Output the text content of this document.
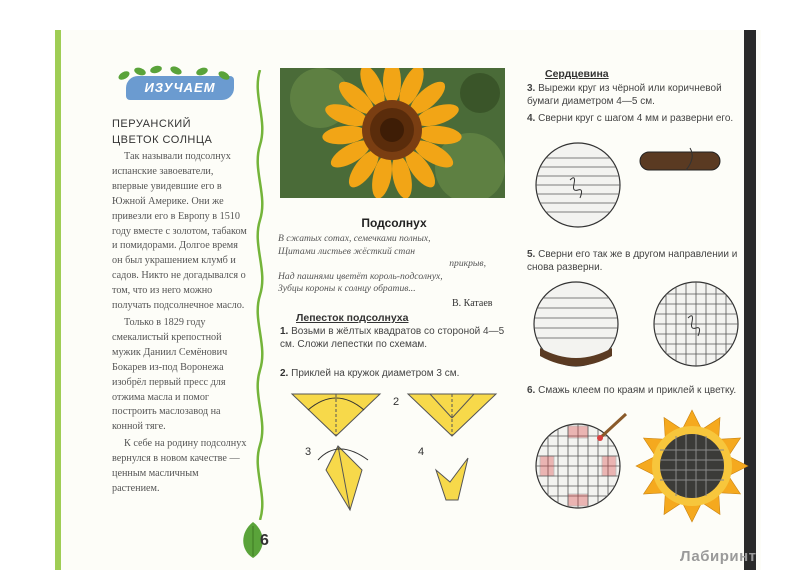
ИЗУЧАЕМ
ПЕРУАНСКИЙ
ЦВЕТОК СОЛНЦА

Так называли подсолнух испанские завоеватели, впервые увидевшие его в Южной Америке. Они же привезли его в Европу в 1510 году вместе с золотом, табаком и помидорами. Долгое время он был украшением клумб и садов. Никто не догадывался о том, что из него можно получать подсолнечное масло.

Только в 1829 году смекалистый крепостной мужик Даниил Семёнович Бокарев из-под Воронежа изобрёл первый пресс для отжима масла и помог построить маслозавод на конной тяге.

К себе на родину подсолнух вернулся в новом качестве — ценным масличным растением.

6
Подсолнух
В сжатых сотах, семечками полных,
Щитами листьев жёсткий стан
прикрыв,
Над пашнями цветёт король-подсолнух,
Зубцы короны к солнцу обратив...
В. Катаев
Лепесток подсолнуха
1. Возьми в жёлтых квадратов со стороной 4—5 см. Сложи лепестки по схемам.
2. Приклей на кружок диаметром 3 см.
2
3	4
Сердцевина
3. Вырежи круг из чёрной или коричневой бумаги диаметром 4—5 см.
4. Сверни круг с шагом 4 мм и разверни его.
5. Сверни его так же в другом направлении и снова разверни.
6. Смажь клеем по краям и приклей к цветку.
Лабиринт
